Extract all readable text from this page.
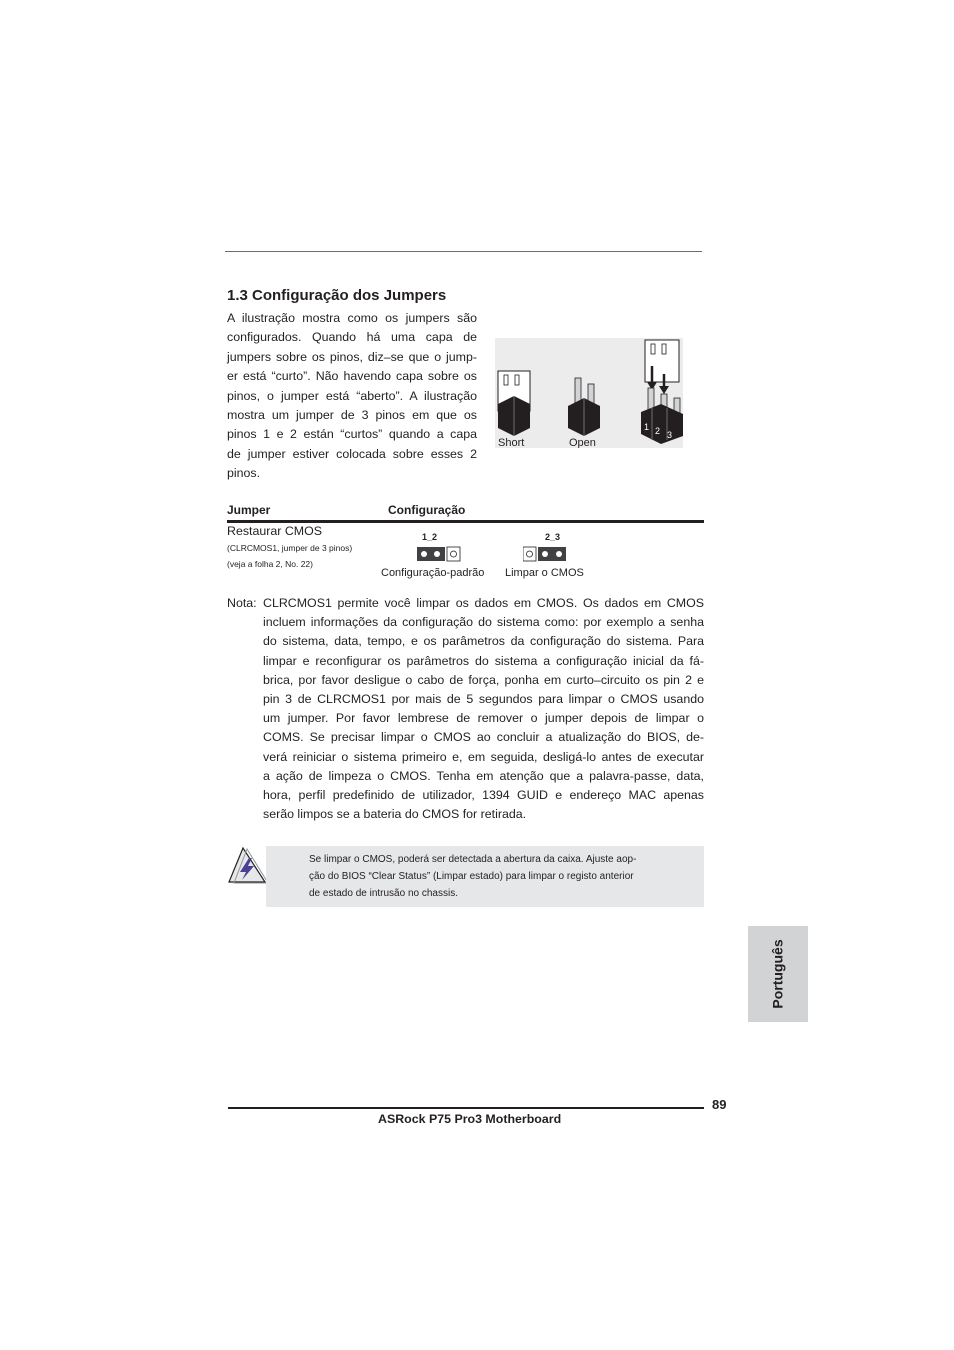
1.3 Configuração dos Jumpers
A ilustração mostra como os jumpers são
configurados. Quando há uma capa de
jumpers sobre os pinos, diz–se que o jump-
er está “curto”. Não havendo capa sobre os
pinos, o jumper está “aberto”. A ilustração
mostra um jumper de 3 pinos em que os
pinos 1 e 2 están “curtos” quando a capa
de jumper estiver colocada sobre esses 2
pinos.
Short	Open
1 2 3
Jumper	Configuração
Restaurar CMOS
(CLRCMOS1, jumper de 3 pinos)
(veja a folha 2, No. 22)
1_2
Configuração-padrão
2_3
Limpar o CMOS
Nota: CLRCMOS1 permite você limpar os dados em CMOS. Os dados em CMOS
incluem informações da configuração do sistema como: por exemplo a senha
do sistema, data, tempo, e os parâmetros da configuração do sistema. Para
limpar e reconfigurar os parâmetros do sistema a configuração inicial da fá-
brica, por favor desligue o cabo de força, ponha em curto–circuito os pin 2 e
pin 3 de CLRCMOS1 por mais de 5 segundos para limpar o CMOS usando
um jumper. Por favor lembrese de remover o jumper depois de limpar o
COMS. Se precisar limpar o CMOS ao concluir a atualização do BIOS, de-
verá reiniciar o sistema primeiro e, em seguida, desligá-lo antes de executar
a ação de limpeza o CMOS. Tenha em atenção que a palavra-passe, data,
hora, perfil predefinido de utilizador, 1394 GUID e endereço MAC apenas
serão limpos se a bateria do CMOS for retirada.
Se limpar o CMOS, poderá ser detectada a abertura da caixa. Ajuste aop-
ção do BIOS “Clear Status” (Limpar estado) para limpar o registo anterior
de estado de intrusão no chassis.
Português
89
ASRock P75 Pro3 Motherboard
